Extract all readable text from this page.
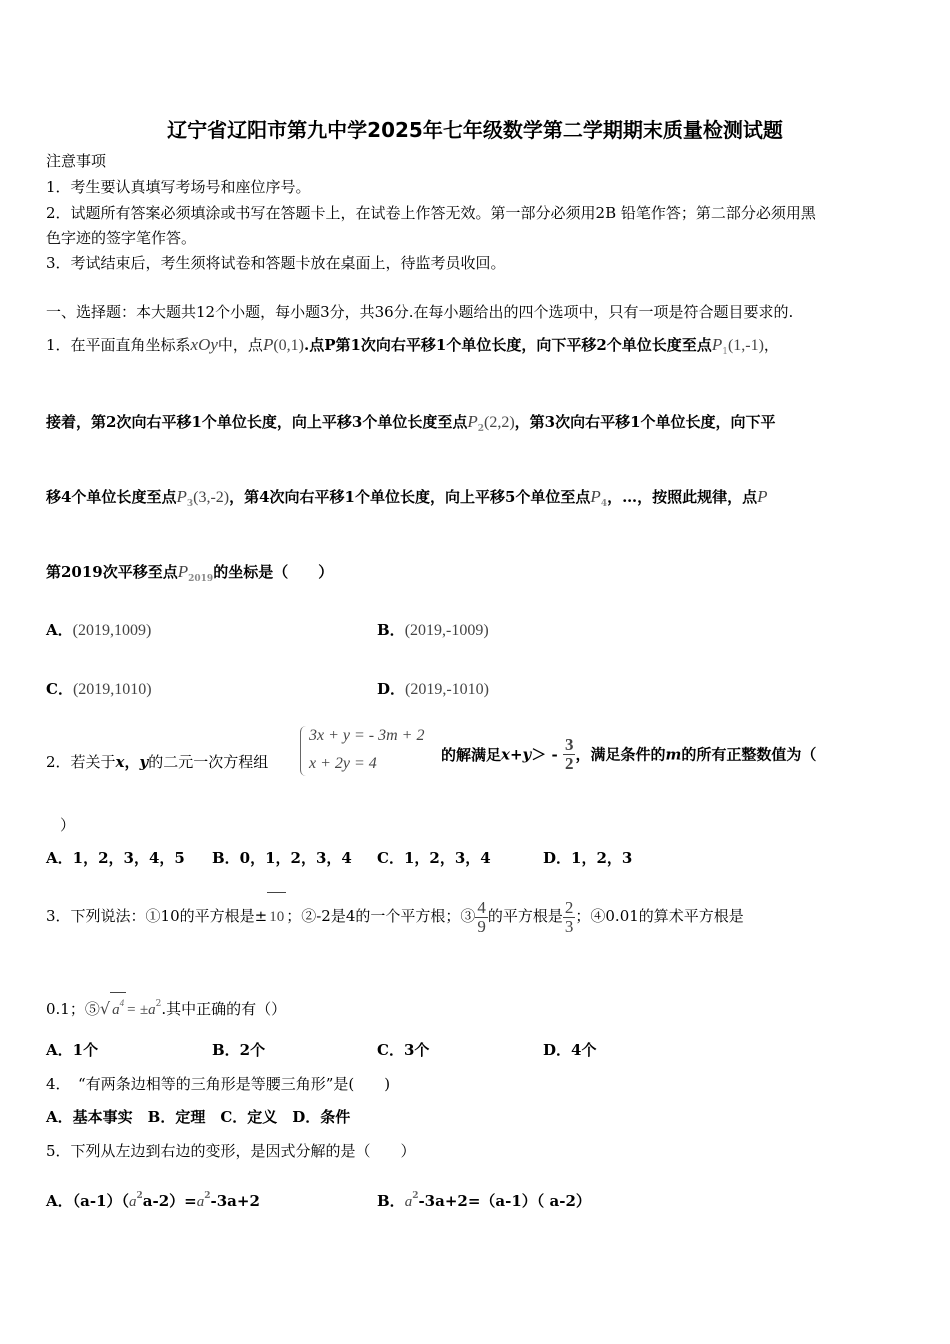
辽宁省辽阳市第九中学2025年七年级数学第二学期期末质量检测试题
注意事项
1．考生要认真填写考场号和座位序号。
2．试题所有答案必须填涂或书写在答题卡上，在试卷上作答无效。第一部分必须用2B 铅笔作答；第二部分必须用黑
色字迹的签字笔作答。
3．考试结束后，考生须将试卷和答题卡放在桌面上，待监考员收回。
一、选择题：本大题共12个小题，每小题3分，共36分.在每小题给出的四个选项中，只有一项是符合题目要求的.
1．在平面直角坐标系xOy中，点P(0,1).点P第1次向右平移1个单位长度，向下平移2个单位长度至点$P_1(1,-1)$，
接着，第2次向右平移1个单位长度，向上平移3个单位长度至点$P_2(2,2)$，第3次向右平移1个单位长度，向下平
移4个单位长度至点$P_3(3,-2)$，第4次向右平移1个单位长度，向上平移5个单位至点$P_4$，…，按照此规律，点P
第2019次平移至点$P_{2019}$的坐标是（　　）
A．(2019,1009)	B．(2019,-1009)
C．(2019,1010)	D．(2019,-1010)
2．若关于x，y的二元一次方程组
3x + y = - 3m + 2
x + 2y = 4	的解满足$x+y> - \frac{3}{2}$ ，满足条件的m的所有正整数值为（
）
A．1，2，3，4，5 B．0，1，2，3，4 C．1，2，3，4	D．1，2，3
3．下列说法：①10的平方根是± 10 ；②-2是4的一个平方根；③ $\frac{4}{9}$ 的平方根是 $\frac{2}{3}$ ；④0.01的算术平方根是
0.1；⑤√ $a^4 = \pm a^2$.其中正确的有（）
A．1个	B．2个	C．3个	D．4个
4．　“有两条边相等的三角形是等腰三角形”是(　　)
A．基本事实　B．定理　C．定义　D．条件
5．下列从左边到右边的变形，是因式分解的是（　　）
A．$(a-1)(a^2a-2)=a^2-3a+2$	B．$a^2-3a+2=(a-1)$（ a-2）
